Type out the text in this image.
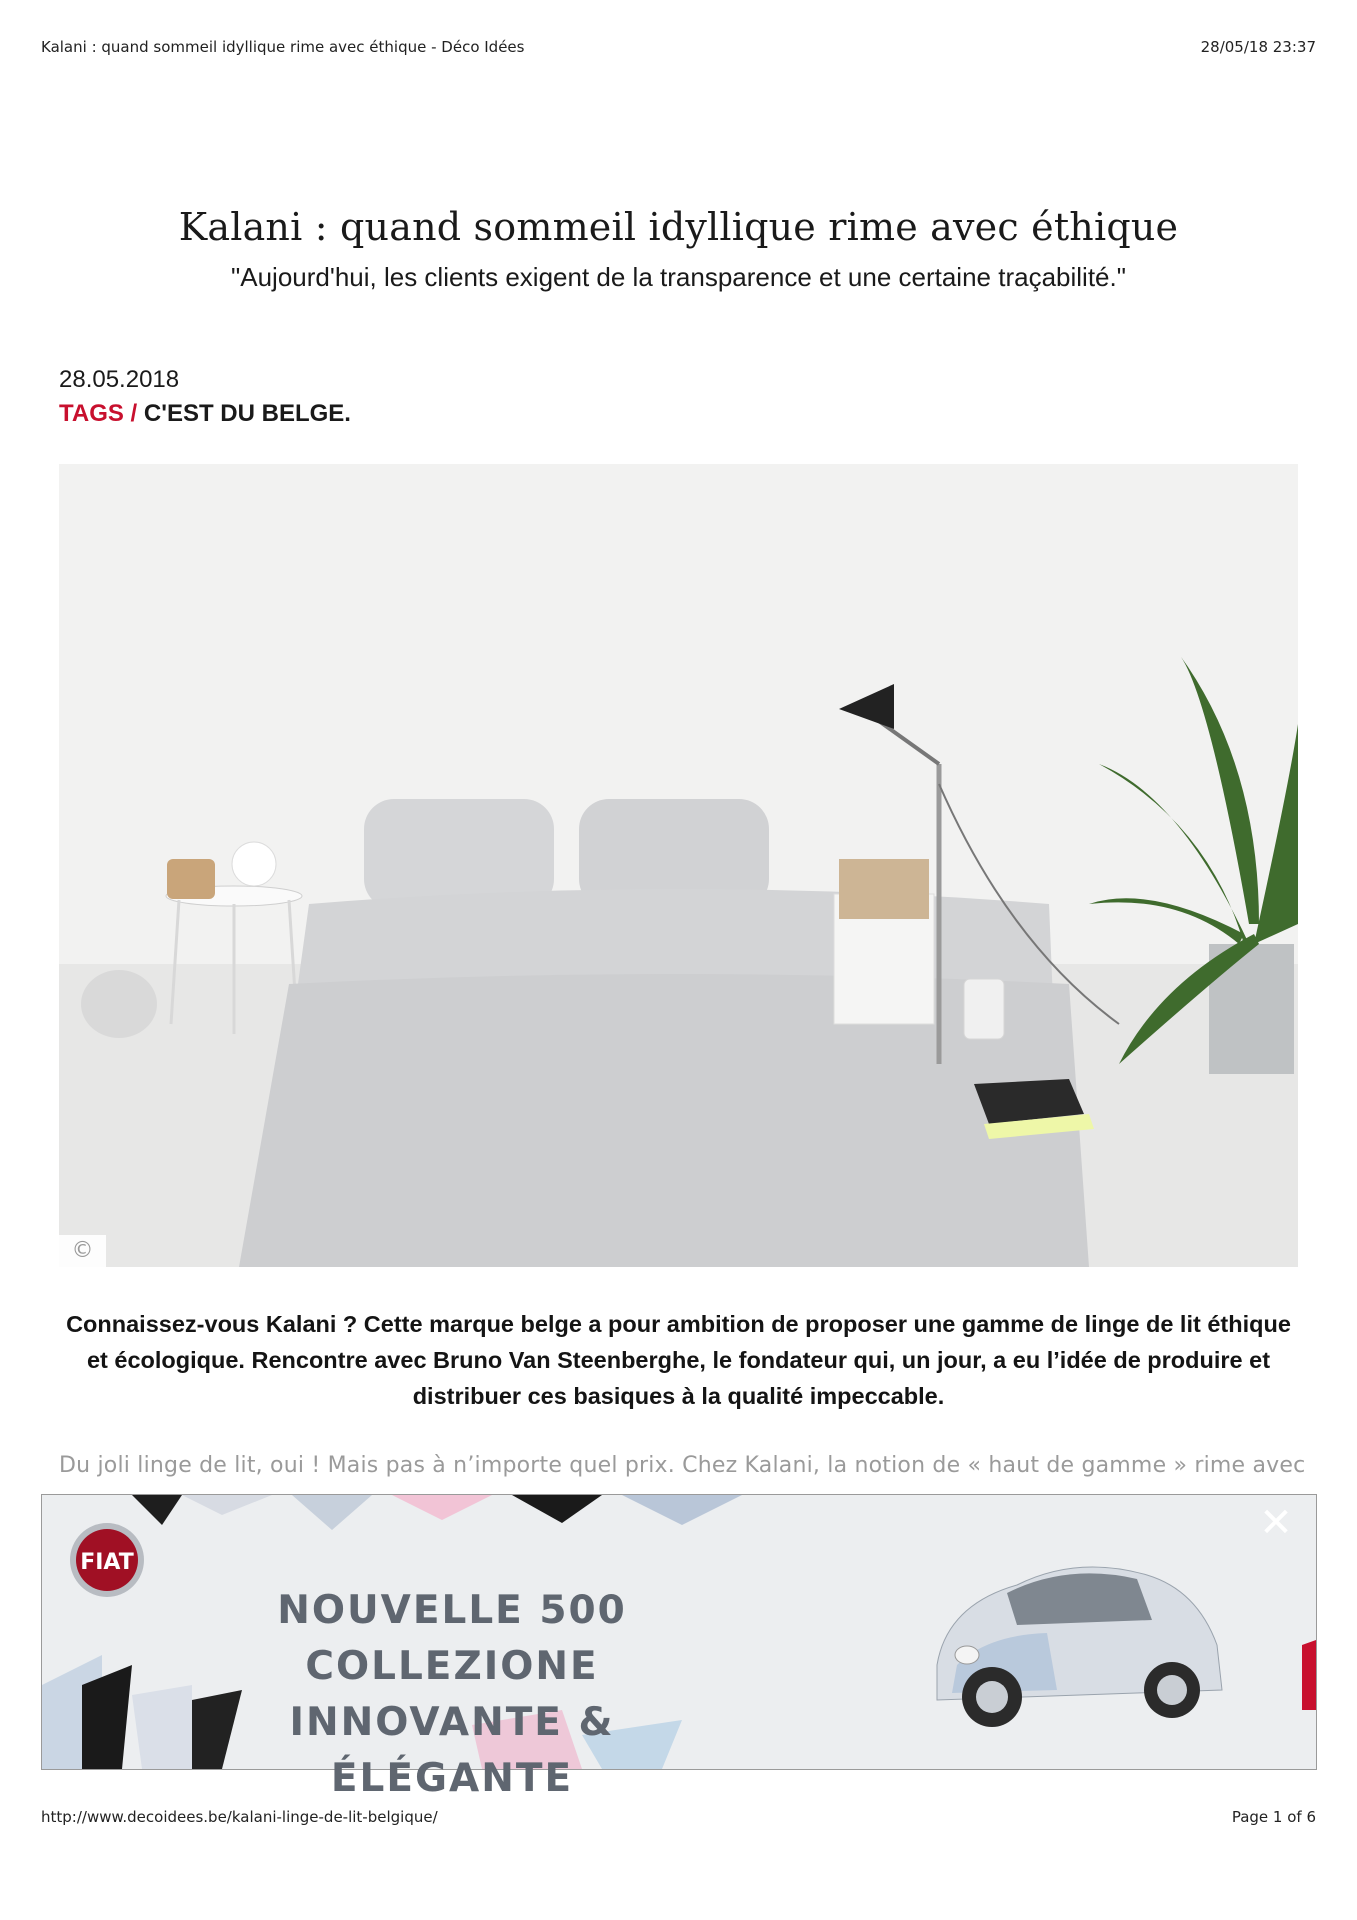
Kalani : quand sommeil idyllique rime avec éthique - Déco Idées	28/05/18 23:37
Kalani : quand sommeil idyllique rime avec éthique
"Aujourd'hui, les clients exigent de la transparence et une certaine traçabilité."
28.05.2018
TAGS / C'EST DU BELGE.
©
Connaissez-vous Kalani ? Cette marque belge a pour ambition de proposer une gamme de linge de lit éthique et écologique. Rencontre avec Bruno Van Steenberghe, le fondateur qui, un jour, a eu l’idée de produire et distribuer ces basiques à la qualité impeccable.
Du joli linge de lit, oui ! Mais pas à n’importe quel prix. Chez Kalani, la notion de « haut de gamme » rime avec
FIAT
NOUVELLE 500 COLLEZIONE
INNOVANTE & ÉLÉGANTE
✕
http://www.decoidees.be/kalani-linge-de-lit-belgique/	Page 1 of 6
